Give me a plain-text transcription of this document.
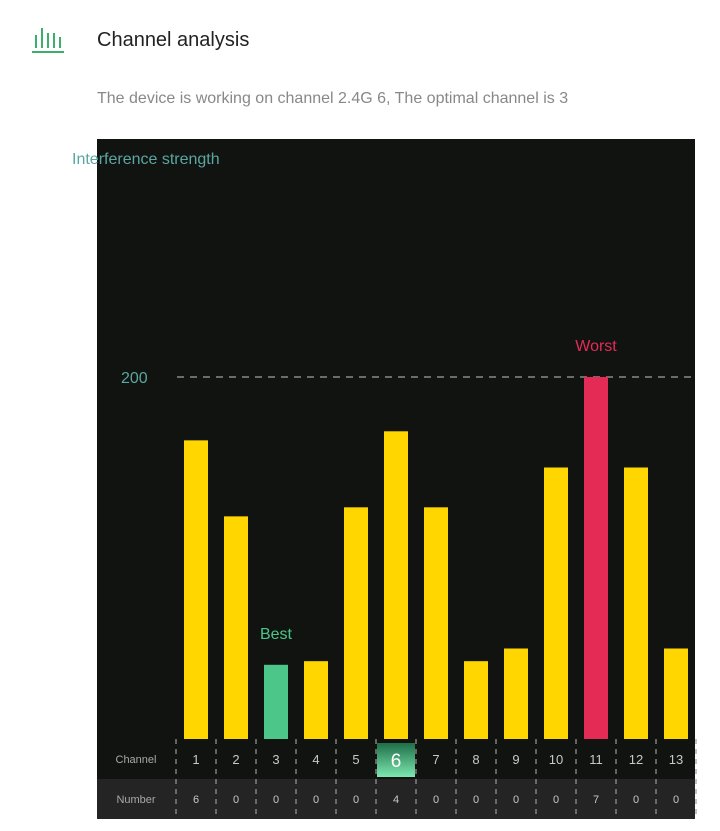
Channel analysis
The device is working on channel 2.4G 6, The optimal channel is 3
Interference strength
200
Best
Worst
Channel
Number
1
6
2
0
3
0
4
0
5
0
6
4
7
0
8
0
9
0
10
0
11
7
12
0
13
0
